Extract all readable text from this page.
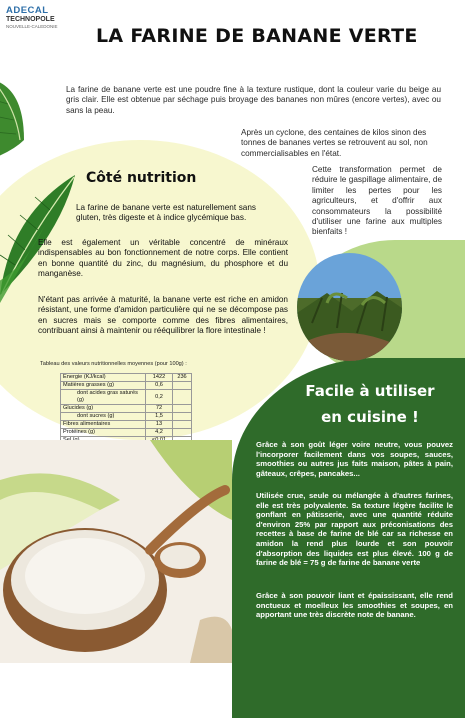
ADECAL
TECHNOPOLE
NOUVELLE-CALEDONIE	LA FARINE DE BANANE VERTE
La farine de banane verte est une poudre fine à la texture rustique, dont la couleur varie du beige au gris clair. Elle est obtenue par séchage puis broyage des bananes non mûres (encore vertes), avec ou sans la peau.
Après un cyclone, des centaines de kilos sinon des tonnes de bananes vertes se retrouvent au sol, non commercialisables en l'état.
Cette transformation permet de réduire le gaspillage alimentaire, de limiter les pertes pour les agriculteurs, et d'offrir aux consommateurs la possibilité d'utiliser une farine aux multiples bienfaits !
Côté nutrition
La farine de banane verte est naturellement sans gluten, très digeste et à indice glycémique bas.
Elle est également un véritable concentré de minéraux indispensables au bon fonctionnement de notre corps. Elle contient en bonne quantité du zinc, du magnésium, du phosphore et du manganèse.
N'étant pas arrivée à maturité, la banane verte est riche en amidon résistant, une forme d'amidon particulière qui ne se décompose pas en sucres mais se comporte comme des fibres alimentaires, contribuant ainsi à maintenir ou rééquilibrer la flore intestinale !
Tableau des valeurs nutritionnelles moyennes (pour 100g) :
Energie (KJ/kcal)	1422	236
Matières grasses (g)	0,6	
dont acides gras saturés (g)	0,2	
Glucides (g)	72	
dont sucres (g)	1,5	
Fibres alimentaires	13	
Protéines (g)	4,2	

Facile à utiliser
en cuisine !
Grâce à son goût léger voire neutre, vous pouvez l'incorporer facilement dans vos soupes, sauces, smoothies ou autres jus faits maison, pâtes à pain, gâteaux, crêpes, pancakes...
Utilisée crue, seule ou mélangée à d'autres farines, elle est très polyvalente. Sa texture légère facilite le gonflant en pâtisserie, avec une quantité réduite d'environ 25% par rapport aux préconisations des recettes à base de farine de blé car sa richesse en amidon la rend plus lourde et son pouvoir d'absorption des liquides est plus élevé. 100 g de farine de blé = 75 g de farine de banane verte
Grâce à son pouvoir liant et épaississant, elle rend onctueux et moelleux les smoothies et soupes, en apportant une très discrète note de banane.
